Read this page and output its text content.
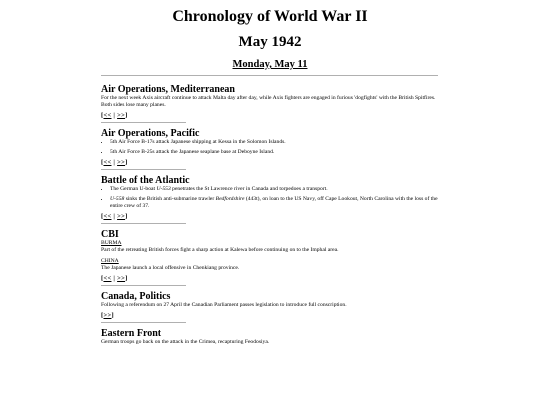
Chronology of World War II
May 1942
Monday, May 11
Air Operations, Mediterranean

For the next week Axis aircraft continue to attack Malta day after day, while Axis fighters are engaged in furious 'dogfights' with the British Spitfires. Both sides lose many planes.

[<< | >>]
Air Operations, Pacific
• 5th Air Force B-17s attack Japanese shipping at Kessa in the Solomon Islands.
• 5th Air Force B-25s attack the Japanese seaplane base at Deboyne Island.
[<< | >>]
Battle of the Atlantic
• The German U-boat U-553 penetrates the St Lawrence river in Canada and torpedoes a transport.
• U-558 sinks the British anti-submarine trawler Bedfordshire (443t), on loan to the US Navy, off Cape Lookout, North Carolina with the loss of the entire crew of 37.
[<< | >>]
CBI
BURMA

Part of the retreating British forces fight a sharp action at Kalewa before continuing on to the Imphal area.

CHINA

The Japanese launch a local offensive in Chenkiang province.

[<< | >>]
Canada, Politics

Following a referendum on 27 April the Canadian Parliament passes legislation to introduce full conscription.

[>>]
Eastern Front

German troops go back on the attack in the Crimea, recapturing Feodosiya.
